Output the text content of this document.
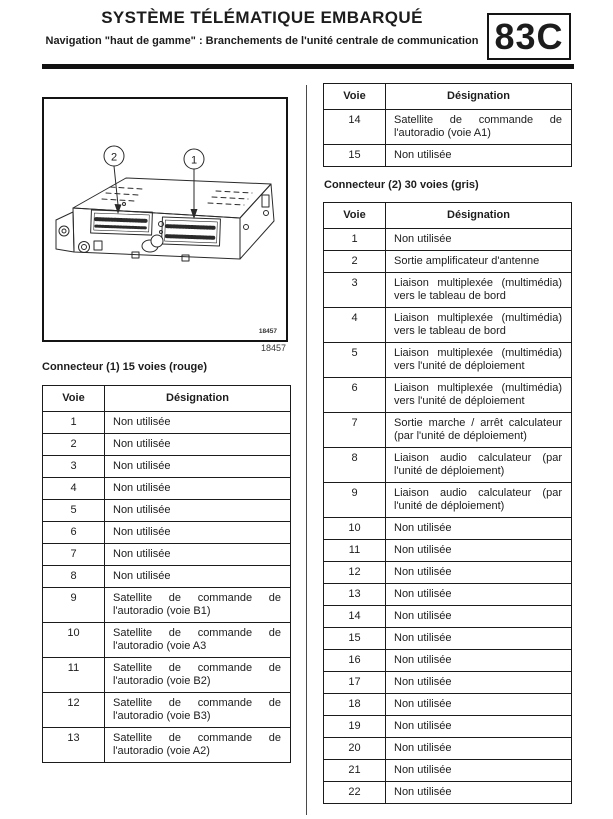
SYSTÈME TÉLÉMATIQUE EMBARQUÉ
Navigation "haut de gamme" : Branchements de l'unité centrale de communication 83C
2	1
18457
18457
Connecteur (1) 15 voies (rouge)
Voie	Désignation
1	Non utilisée
2	Non utilisée
3	Non utilisée
4	Non utilisée
5	Non utilisée
6	Non utilisée
7	Non utilisée
8	Non utilisée
9	Satellite de commande de l'autoradio (voie B1)
10	Satellite de commande de l'autoradio (voie A3
11	Satellite de commande de l'autoradio (voie B2)
12	Satellite de commande de l'autoradio (voie B3)
13	Satellite de commande de l'autoradio (voie A2)
Voie	Désignation
14	Satellite de commande de l'autoradio (voie A1)
15	Non utilisée
Connecteur (2) 30 voies (gris)
Voie	Désignation
1	Non utilisée
2	Sortie amplificateur d'antenne
3	Liaison multiplexée (multimédia) vers le tableau de bord
4	Liaison multiplexée (multimédia) vers le tableau de bord
5	Liaison multiplexée (multimédia) vers l'unité de déploiement
6	Liaison multiplexée (multimédia) vers l'unité de déploiement
7	Sortie marche / arrêt calculateur (par l'unité de déploiement)
8	Liaison audio calculateur (par l'unité de déploiement)
9	Liaison audio calculateur (par l'unité de déploiement)
10	Non utilisée
11	Non utilisée
12	Non utilisée
13	Non utilisée
14	Non utilisée
15	Non utilisée
16	Non utilisée
17	Non utilisée
18	Non utilisée
19	Non utilisée
20	Non utilisée
21	Non utilisée
22	Non utilisée
